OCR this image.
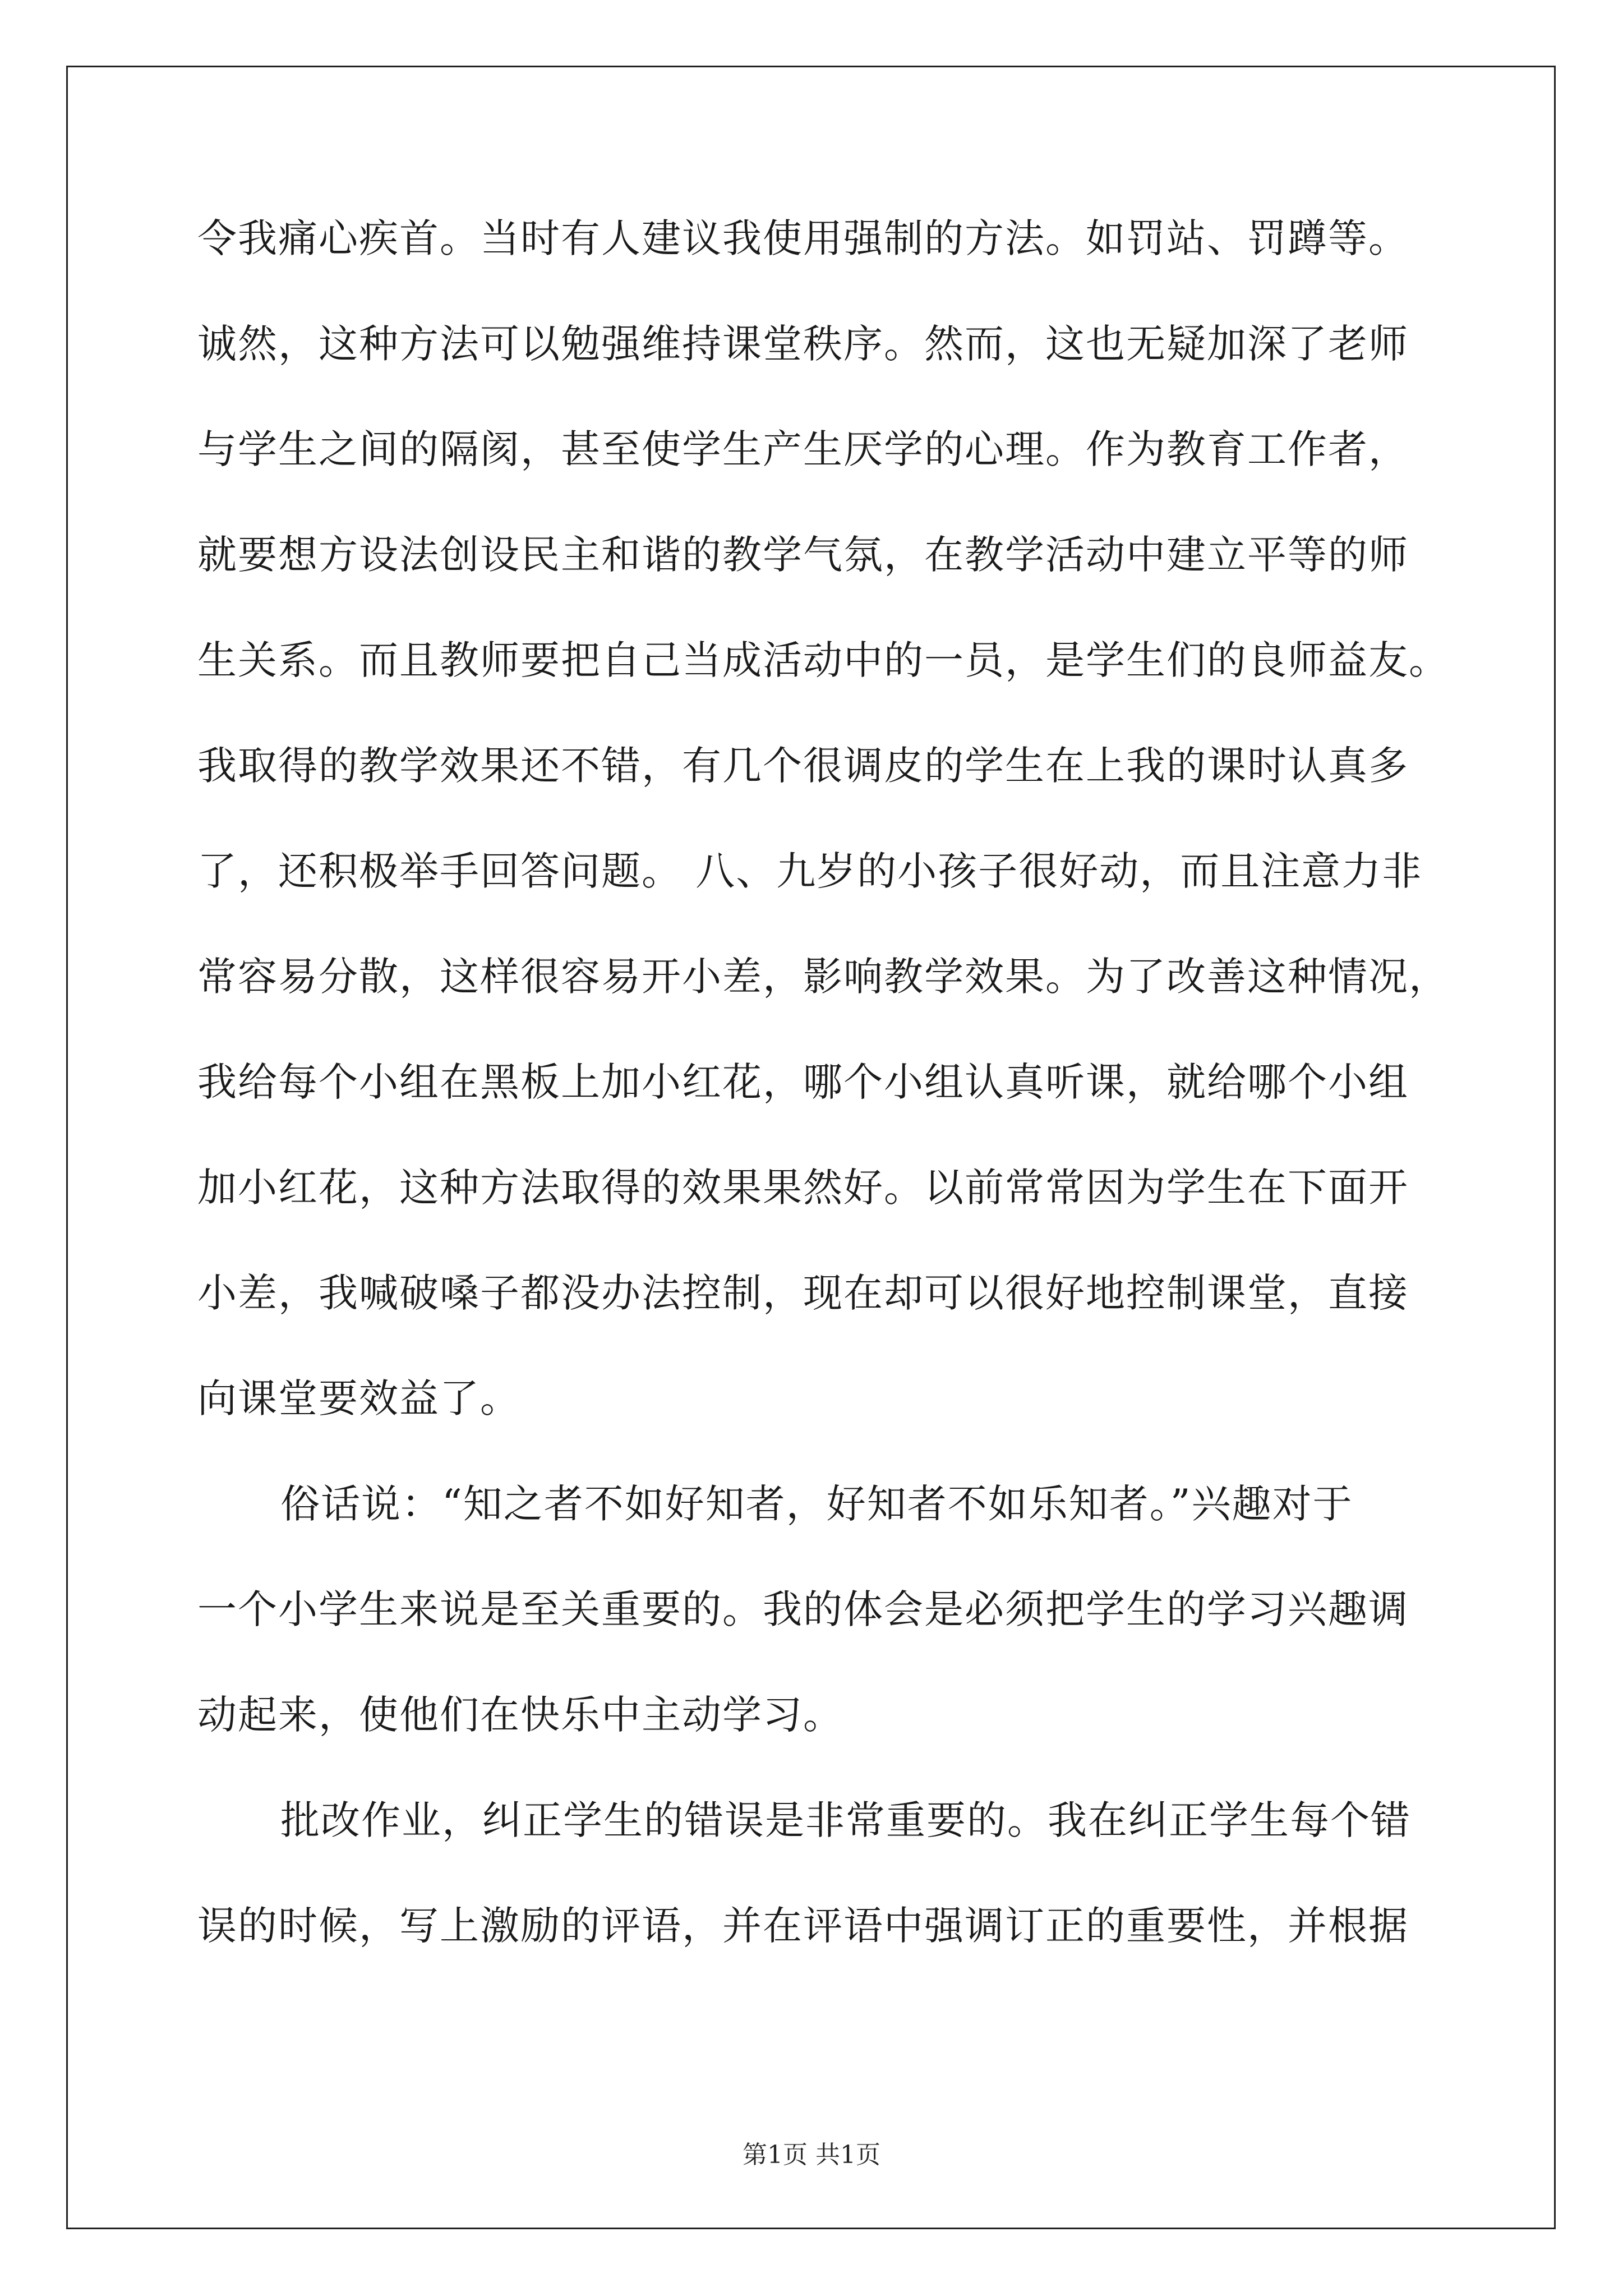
令我痛心疾首。当时有人建议我使用强制的方法。如罚站、罚蹲等。
诚然，这种方法可以勉强维持课堂秩序。然而，这也无疑加深了老师
与学生之间的隔阂，甚至使学生产生厌学的心理。作为教育工作者，
就要想方设法创设民主和谐的教学气氛，在教学活动中建立平等的师
生关系。而且教师要把自己当成活动中的一员，是学生们的良师益友。
我取得的教学效果还不错，有几个很调皮的学生在上我的课时认真多
了，还积极举手回答问题。 八、九岁的小孩子很好动，而且注意力非
常容易分散，这样很容易开小差，影响教学效果。为了改善这种情况，
我给每个小组在黑板上加小红花，哪个小组认真听课，就给哪个小组
加小红花，这种方法取得的效果果然好。以前常常因为学生在下面开
小差，我喊破嗓子都没办法控制，现在却可以很好地控制课堂，直接
向课堂要效益了。
俗话说：“知之者不如好知者，好知者不如乐知者。”兴趣对于
一个小学生来说是至关重要的。我的体会是必须把学生的学习兴趣调
动起来，使他们在快乐中主动学习。
批改作业，纠正学生的错误是非常重要的。我在纠正学生每个错
误的时候，写上激励的评语，并在评语中强调订正的重要性，并根据
第1页 共1页
